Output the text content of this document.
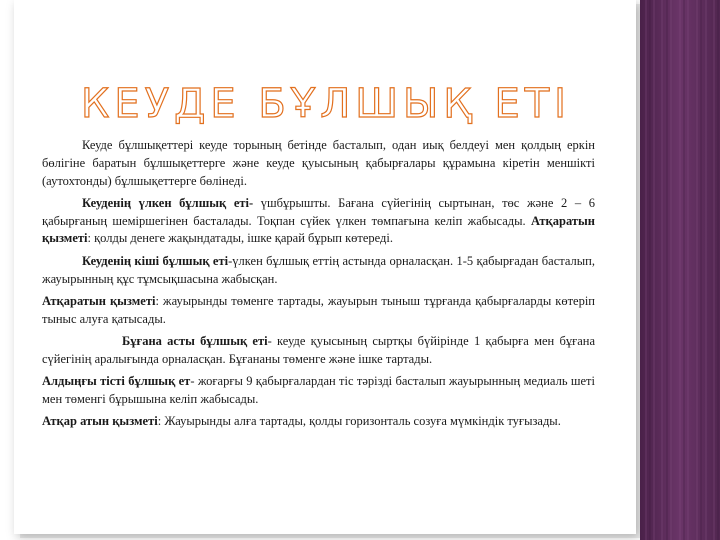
КЕУДЕ БҰЛШЫҚ ЕТІ

Кеуде бұлшықеттері кеуде торының бетінде басталып, одан иық белдеуі мен қолдың еркін бөлігіне баратын бұлшықеттерге және кеуде қуысының қабырғалары құрамына кіретін меншікті (аутохтонды) бұлшықеттерге бөлінеді.

Кеуденің үлкен бұлшық еті- үшбұрышты. Бағана сүйегінің сыртынан, төс және 2 – 6 қабырғаның шеміршегінен басталады. Тоқпан сүйек үлкен төмпағына келіп жабысады. Атқаратын қызметі: қолды денеге жақындатады, ішке қарай бұрып көтереді.

Кеуденің кіші бұлшық еті-үлкен бұлшық еттің астында орналасқан. 1-5 қабырғадан басталып, жауырынның құс тұмсықшасына жабысқан.

Атқаратын қызметі: жауырынды төменге тартады, жауырын тыныш тұрғанда қабырғаларды көтеріп тыныс алуға қатысады.

Бұғана асты бұлшық еті- кеуде қуысының сыртқы бүйірінде 1 қабырға мен бұғана сүйегінің аралығында орналасқан. Бұғананы төменге және ішке тартады.

Алдыңғы тісті бұлшық ет- жоғарғы 9 қабырғалардан тіс тәрізді басталып жауырынның медиаль шеті мен төменгі бұрышына келіп жабысады.

Атқар атын қызметі: Жауырынды алға тартады, қолды горизонталь созуға мүмкіндік туғызады.
